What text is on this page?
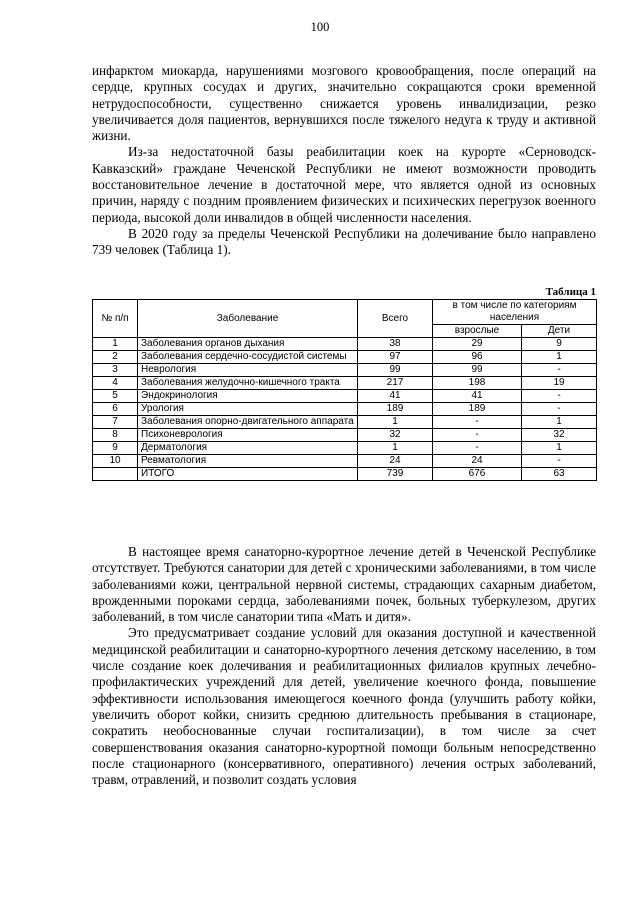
100

инфарктом миокарда, нарушениями мозгового кровообращения, после операций на сердце, крупных сосудах и других, значительно сокращаются сроки временной нетрудоспособности, существенно снижается уровень инвалидизации, резко увеличивается доля пациентов, вернувшихся после тяжелого недуга к труду и активной жизни.

Из-за недостаточной базы реабилитации коек на курорте «Серноводск-Кавказский» граждане Чеченской Республики не имеют возможности проводить восстановительное лечение в достаточной мере, что является одной из основных причин, наряду с поздним проявлением физических и психических перегрузок военного периода, высокой доли инвалидов в общей численности населения.

В 2020 году за пределы Чеченской Республики на долечивание было направлено 739 человек (Таблица 1).

Таблица 1

№ п/п	Заболевание	Всего	в том числе по категориям населения	
			взрослые	Дети
1	Заболевания органов дыхания	38	29	9
2	Заболевания сердечно-сосудистой системы	97	96	1
3	Неврология	99	99	-
4	Заболевания желудочно-кишечного тракта	217	198	19
5	Эндокринология	41	41	-
6	Урология	189	189	-
7	Заболевания опорно-двигательного аппарата	1	-	1
8	Психоневрология	32	-	32
9	Дерматология	1	-	1
10	Ревматология	24	24	-
	ИТОГО	739	676	63

В настоящее время санаторно-курортное лечение детей в Чеченской Республике отсутствует. Требуются санатории для детей с хроническими заболеваниями, в том числе заболеваниями кожи, центральной нервной системы, страдающих сахарным диабетом, врожденными пороками сердца, заболеваниями почек, больных туберкулезом, других заболеваний, в том числе санатории типа «Мать и дитя».

Это предусматривает создание условий для оказания доступной и качественной медицинской реабилитации и санаторно-курортного лечения детскому населению, в том числе создание коек долечивания и реабилитационных филиалов крупных лечебно-профилактических учреждений для детей, увеличение коечного фонда, повышение эффективности использования имеющегося коечного фонда (улучшить работу койки, увеличить оборот койки, снизить среднюю длительность пребывания в стационаре, сократить необоснованные случаи госпитализации), в том числе за счет совершенствования оказания санаторно-курортной помощи больным непосредственно после стационарного (консервативного, оперативного) лечения острых заболеваний, травм, отравлений, и позволит создать условия
